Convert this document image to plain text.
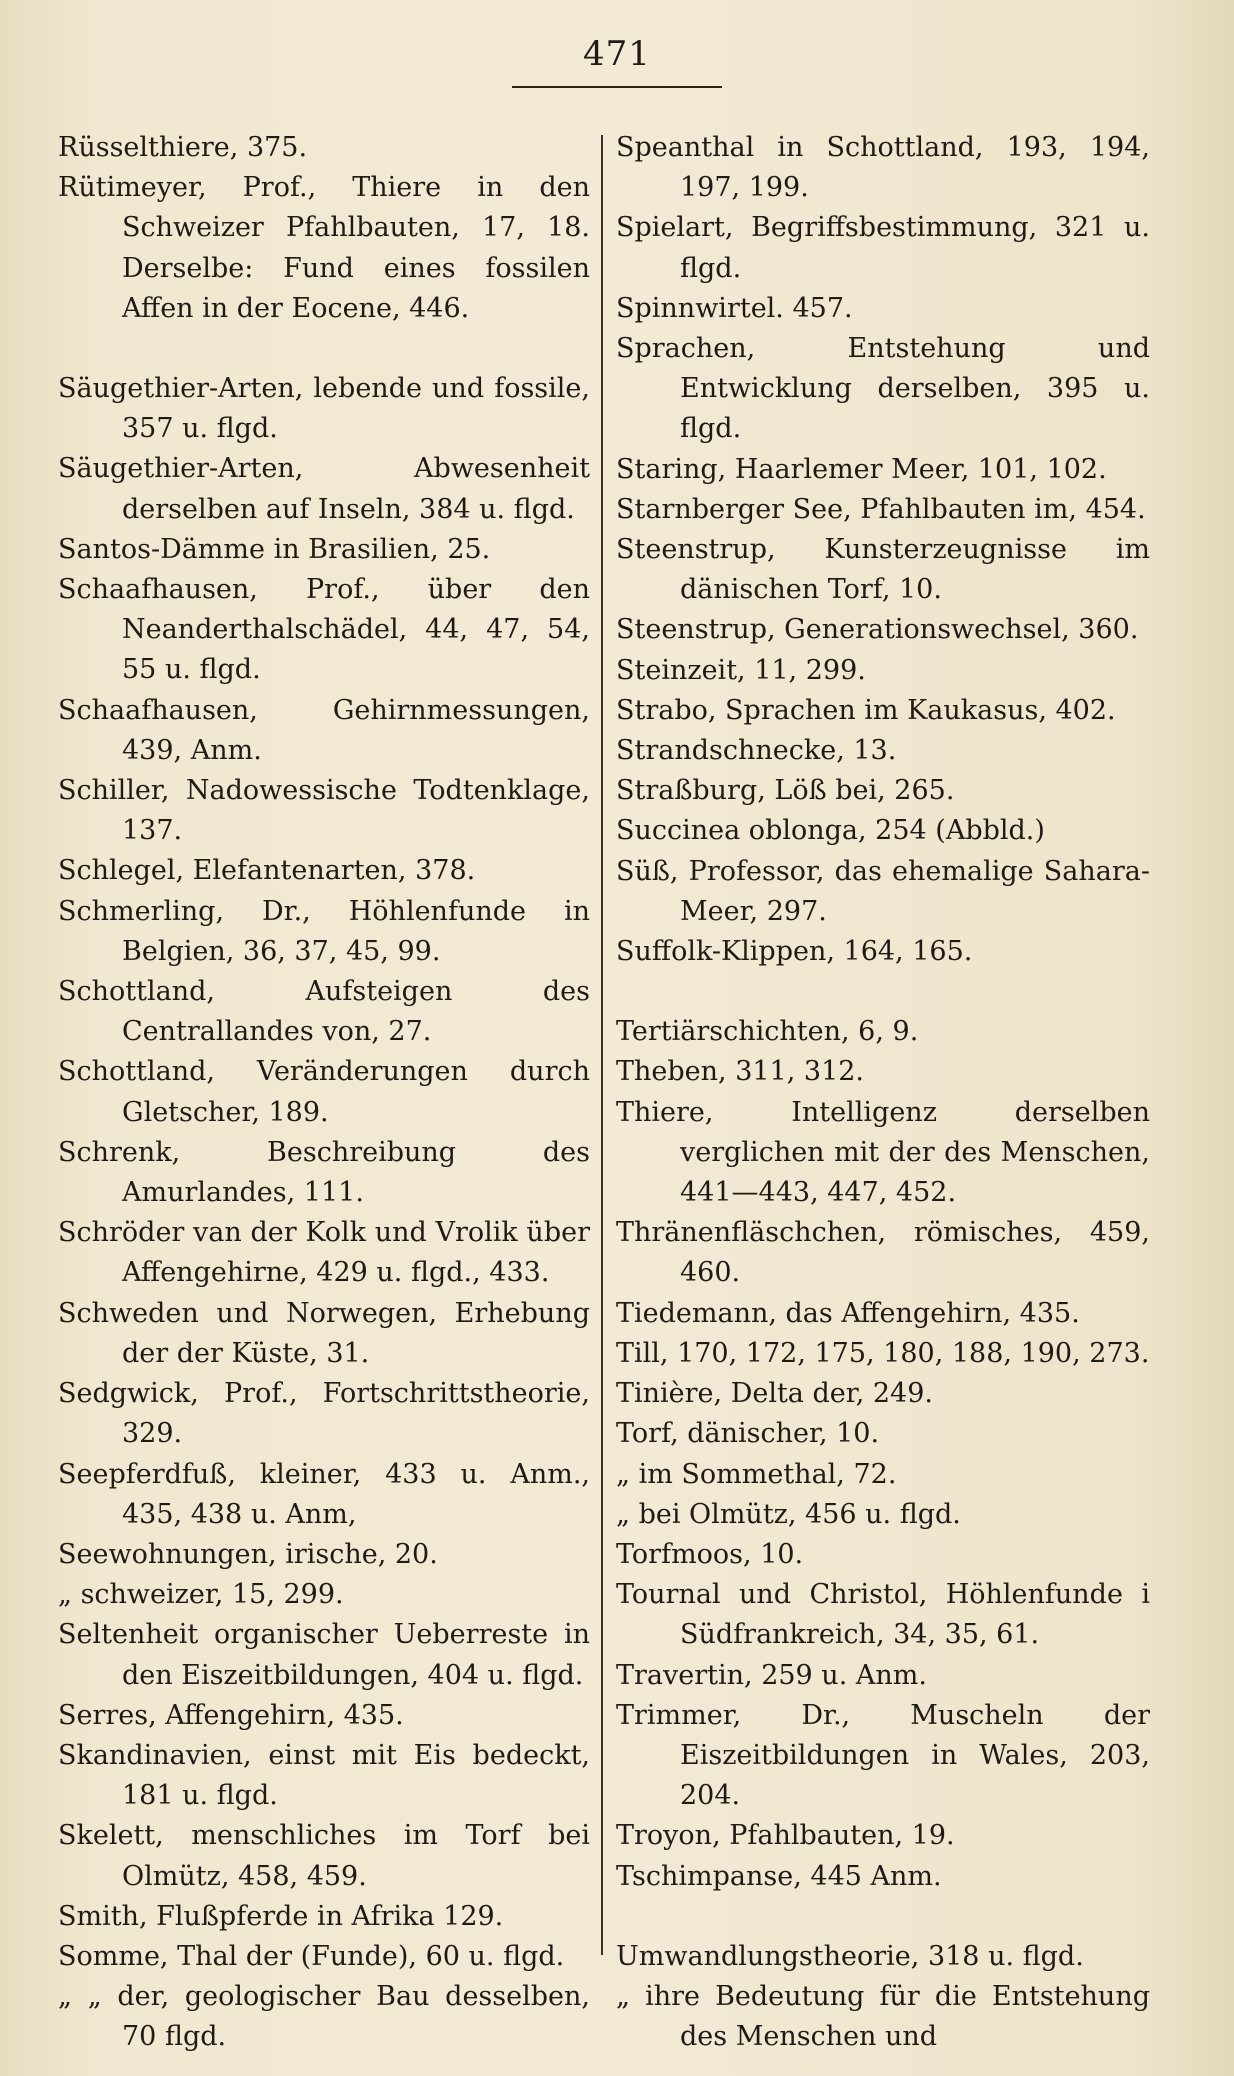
471

Rüsselthiere, 375.

Rütimeyer, Prof., Thiere in den Schweizer Pfahlbauten, 17, 18. Derselbe: Fund eines fossilen Affen in der Eocene, 446.

Säugethier-Arten, lebende und fossile, 357 u. flgd.

Säugethier-Arten, Abwesenheit derselben auf Inseln, 384 u. flgd.

Santos-Dämme in Brasilien, 25.

Schaafhausen, Prof., über den Neanderthalschädel, 44, 47, 54, 55 u. flgd.

Schaafhausen, Gehirnmessungen, 439, Anm.

Schiller, Nadowessische Todtenklage, 137.

Schlegel, Elefantenarten, 378.

Schmerling, Dr., Höhlenfunde in Belgien, 36, 37, 45, 99.

Schottland, Aufsteigen des Centrallandes von, 27.

Schottland, Veränderungen durch Gletscher, 189.

Schrenk, Beschreibung des Amurlandes, 111.

Schröder van der Kolk und Vrolik über Affengehirne, 429 u. flgd., 433.

Schweden und Norwegen, Erhebung der der Küste, 31.

Sedgwick, Prof., Fortschrittstheorie, 329.

Seepferdfuß, kleiner, 433 u. Anm., 435, 438 u. Anm,

Seewohnungen, irische, 20.

„ schweizer, 15, 299.

Seltenheit organischer Ueberreste in den Eiszeitbildungen, 404 u. flgd.

Serres, Affengehirn, 435.

Skandinavien, einst mit Eis bedeckt, 181 u. flgd.

Skelett, menschliches im Torf bei Olmütz, 458, 459.

Smith, Flußpferde in Afrika 129.

Somme, Thal der (Funde), 60 u. flgd.

„ „ der, geologischer Bau desselben, 70 flgd.

Speanthal in Schottland, 193, 194, 197, 199.

Spielart, Begriffsbestimmung, 321 u. flgd.

Spinnwirtel. 457.

Sprachen, Entstehung und Entwicklung derselben, 395 u. flgd.

Staring, Haarlemer Meer, 101, 102.

Starnberger See, Pfahlbauten im, 454.

Steenstrup, Kunsterzeugnisse im dänischen Torf, 10.

Steenstrup, Generationswechsel, 360.

Steinzeit, 11, 299.

Strabo, Sprachen im Kaukasus, 402.

Strandschnecke, 13.

Straßburg, Löß bei, 265.

Succinea oblonga, 254 (Abbld.)

Süß, Professor, das ehemalige Sahara-Meer, 297.

Suffolk-Klippen, 164, 165.

Tertiärschichten, 6, 9.

Theben, 311, 312.

Thiere, Intelligenz derselben verglichen mit der des Menschen, 441—443, 447, 452.

Thränenfläschchen, römisches, 459, 460.

Tiedemann, das Affengehirn, 435.

Till, 170, 172, 175, 180, 188, 190, 273.

Tinière, Delta der, 249.

Torf, dänischer, 10.

„ im Sommethal, 72.

„ bei Olmütz, 456 u. flgd.

Torfmoos, 10.

Tournal und Christol, Höhlenfunde i Südfrankreich, 34, 35, 61.

Travertin, 259 u. Anm.

Trimmer, Dr., Muscheln der Eiszeitbildungen in Wales, 203, 204.

Troyon, Pfahlbauten, 19.

Tschimpanse, 445 Anm.

Umwandlungstheorie, 318 u. flgd.

„ ihre Bedeutung für die Entstehung des Menschen und
